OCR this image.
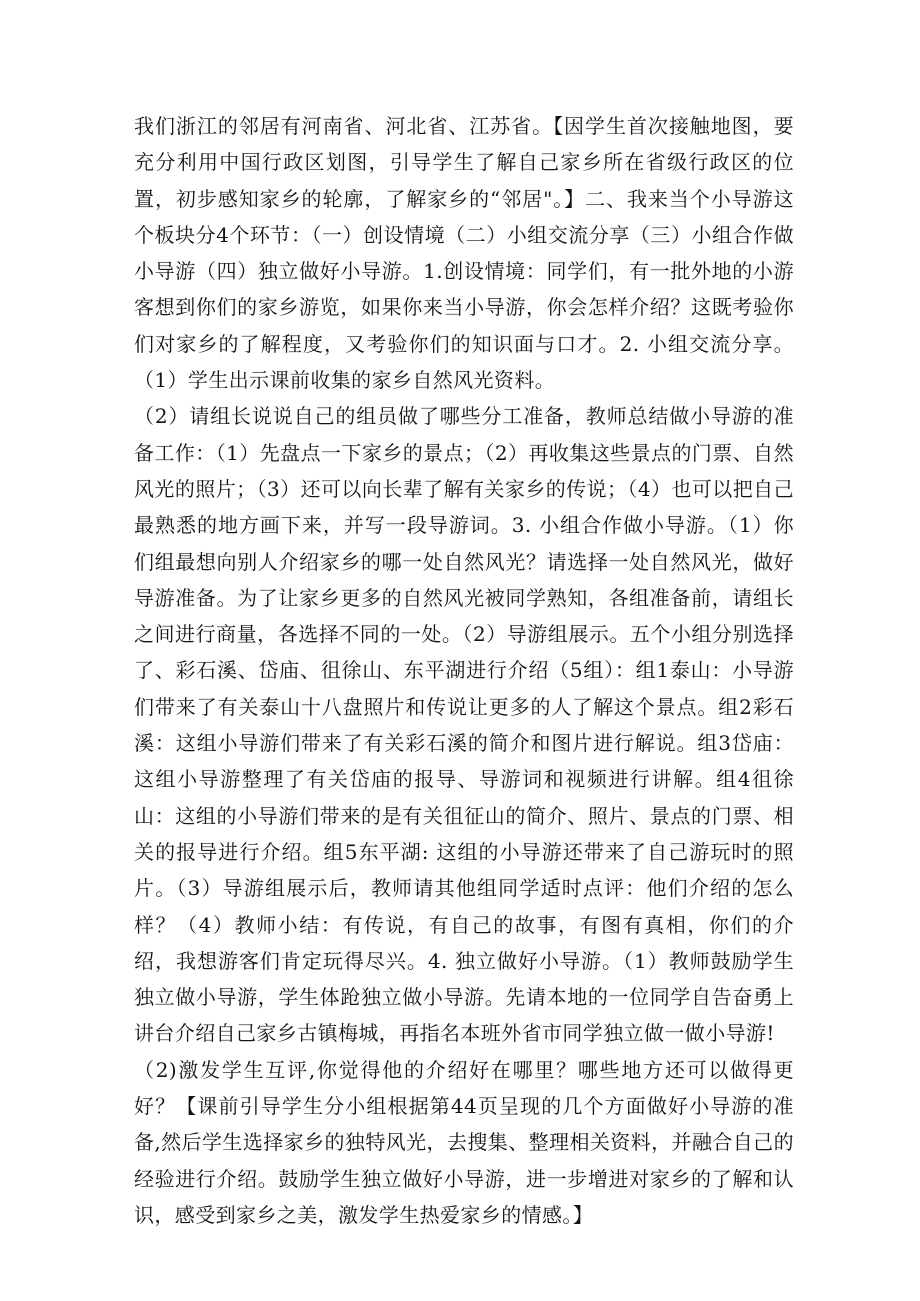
我们浙江的邻居有河南省、河北省、江苏省。【因学生首次接触地图，要充分利用中国行政区划图，引导学生了解自己家乡所在省级行政区的位置，初步感知家乡的轮廓，了解家乡的“邻居"。】二、我来当个小导游这个板块分4个环节：（一）创设情境（二）小组交流分享（三）小组合作做小导游（四）独立做好小导游。1.创设情境：同学们，有一批外地的小游客想到你们的家乡游览，如果你来当小导游，你会怎样介绍？这既考验你们对家乡的了解程度，又考验你们的知识面与口才。2. 小组交流分享。（1）学生出示课前收集的家乡自然风光资料。

（2）请组长说说自己的组员做了哪些分工准备，教师总结做小导游的准备工作：（1）先盘点一下家乡的景点；（2）再收集这些景点的门票、自然风光的照片；（3）还可以向长辈了解有关家乡的传说；（4）也可以把自己最熟悉的地方画下来，并写一段导游词。3. 小组合作做小导游。（1）你们组最想向别人介绍家乡的哪一处自然风光？请选择一处自然风光，做好导游准备。为了让家乡更多的自然风光被同学熟知，各组准备前，请组长之间进行商量，各选择不同的一处。（2）导游组展示。五个小组分别选择了、彩石溪、岱庙、徂徐山、东平湖进行介绍（5组）：组1泰山：小导游们带来了有关泰山十八盘照片和传说让更多的人了解这个景点。组2彩石溪：这组小导游们带来了有关彩石溪的简介和图片进行解说。组3岱庙：这组小导游整理了有关岱庙的报导、导游词和视频进行讲解。组4徂徐山：这组的小导游们带来的是有关徂征山的简介、照片、景点的门票、相关的报导进行介绍。组5东平湖: 这组的小导游还带来了自己游玩时的照片。（3）导游组展示后，教师请其他组同学适时点评：他们介绍的怎么样？（4）教师小结：有传说，有自己的故事，有图有真相，你们的介绍，我想游客们肯定玩得尽兴。4. 独立做好小导游。（1）教师鼓励学生独立做小导游，学生体跄独立做小导游。先请本地的一位同学自告奋勇上讲台介绍自己家乡古镇梅城，再指名本班外省市同学独立做一做小导游!

（2)激发学生互评,你觉得他的介绍好在哪里？哪些地方还可以做得更好？【课前引导学生分小组根据第44页呈现的几个方面做好小导游的准备,然后学生选择家乡的独特风光，去搜集、整理相关资料，并融合自己的经验进行介绍。鼓励学生独立做好小导游，进一步增进对家乡的了解和认识，感受到家乡之美，激发学生热爱家乡的情感。】
